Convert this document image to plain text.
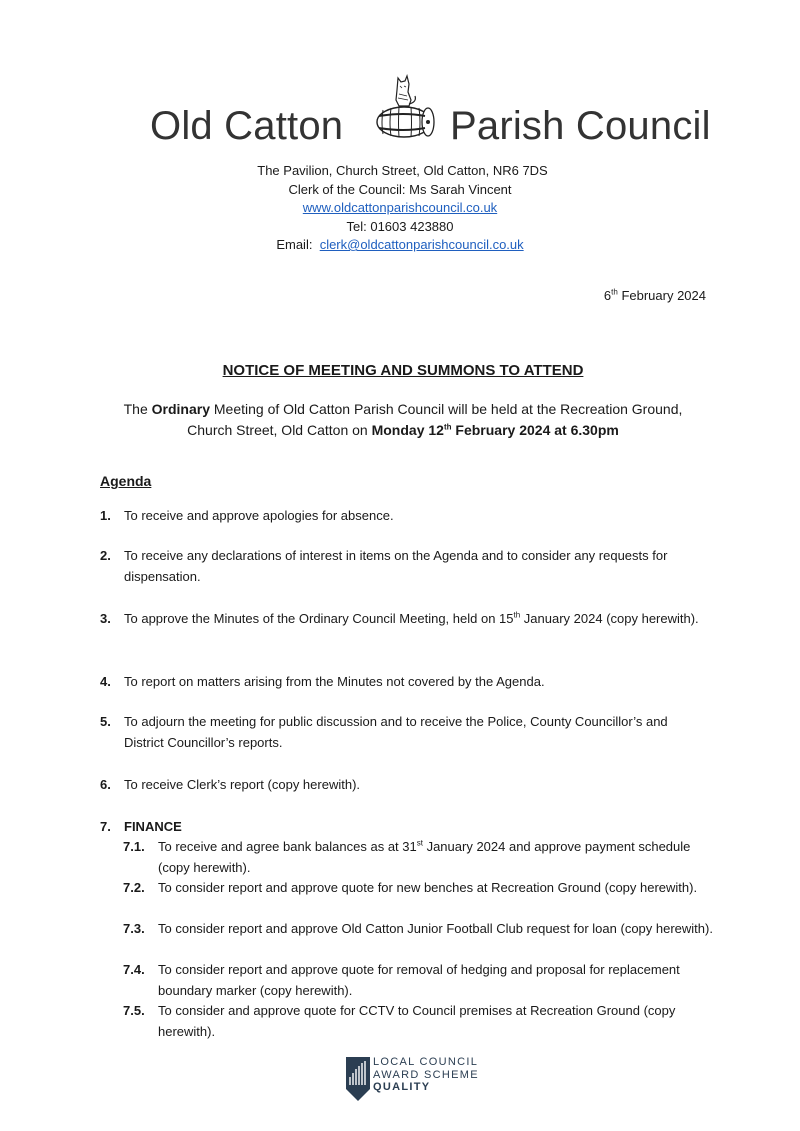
Old Catton	Parish Council
The Pavilion, Church Street, Old Catton, NR6 7DS
Clerk of the Council: Ms Sarah Vincent
www.oldcattonparishcouncil.co.uk
Tel: 01603 423880
Email: clerk@oldcattonparishcouncil.co.uk
6th February 2024
NOTICE OF MEETING AND SUMMONS TO ATTEND
The Ordinary Meeting of Old Catton Parish Council will be held at the Recreation Ground,
Church Street, Old Catton on Monday 12th February 2024 at 6.30pm
Agenda
1. To receive and approve apologies for absence.
2. To receive any declarations of interest in items on the Agenda and to consider any requests for dispensation.
3. To approve the Minutes of the Ordinary Council Meeting, held on 15th January 2024 (copy herewith).
4. To report on matters arising from the Minutes not covered by the Agenda.
5. To adjourn the meeting for public discussion and to receive the Police, County Councillor’s and District Councillor’s reports.
6. To receive Clerk’s report (copy herewith).
7. FINANCE
7.1. To receive and agree bank balances as at 31st January 2024 and approve payment schedule (copy herewith).
7.2. To consider report and approve quote for new benches at Recreation Ground (copy herewith).
7.3. To consider report and approve Old Catton Junior Football Club request for loan (copy herewith).
7.4. To consider report and approve quote for removal of hedging and proposal for replacement boundary marker (copy herewith).
7.5. To consider and approve quote for CCTV to Council premises at Recreation Ground (copy herewith).
LOCAL COUNCIL
AWARD SCHEME
QUALITY
